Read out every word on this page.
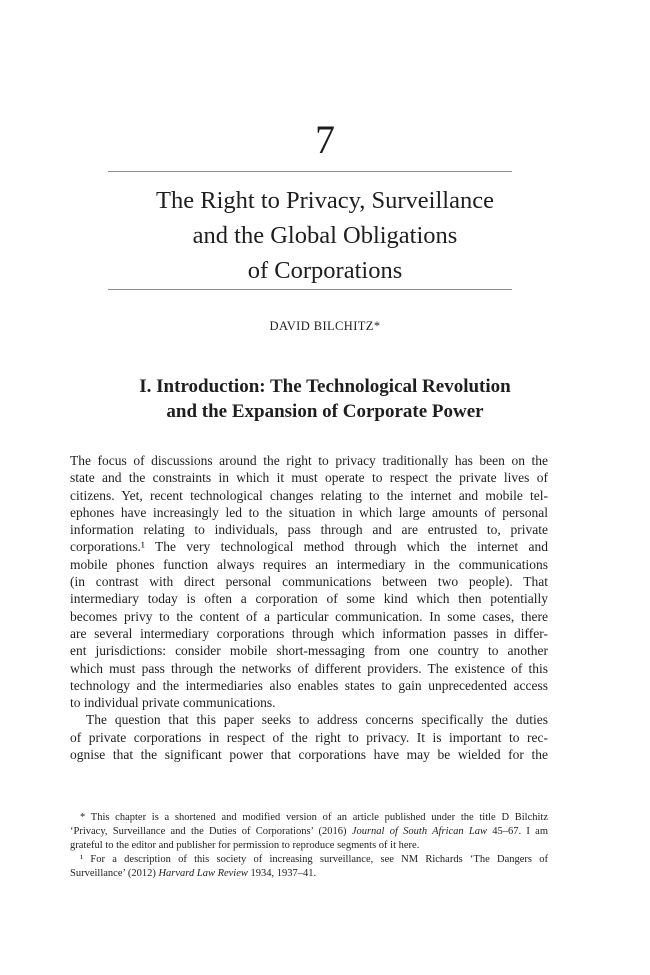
7
The Right to Privacy, Surveillance
and the Global Obligations
of Corporations
DAVID BILCHITZ*
I. Introduction: The Technological Revolution
and the Expansion of Corporate Power
The focus of discussions around the right to privacy traditionally has been on the
state and the constraints in which it must operate to respect the private lives of
citizens. Yet, recent technological changes relating to the internet and mobile tel-
ephones have increasingly led to the situation in which large amounts of personal
information relating to individuals, pass through and are entrusted to, private
corporations.¹ The very technological method through which the internet and
mobile phones function always requires an intermediary in the communications
(in contrast with direct personal communications between two people). That
intermediary today is often a corporation of some kind which then potentially
becomes privy to the content of a particular communication. In some cases, there
are several intermediary corporations through which information passes in differ-
ent jurisdictions: consider mobile short-messaging from one country to another
which must pass through the networks of different providers. The existence of this
technology and the intermediaries also enables states to gain unprecedented access
to individual private communications.
The question that this paper seeks to address concerns specifically the duties
of private corporations in respect of the right to privacy. It is important to rec-
ognise that the significant power that corporations have may be wielded for the
* This chapter is a shortened and modified version of an article published under the title D Bilchitz
‘Privacy, Surveillance and the Duties of Corporations’ (2016) Journal of South African Law 45–67. I am
grateful to the editor and publisher for permission to reproduce segments of it here.
¹ For a description of this society of increasing surveillance, see NM Richards ‘The Dangers of
Surveillance’ (2012) Harvard Law Review 1934, 1937–41.
